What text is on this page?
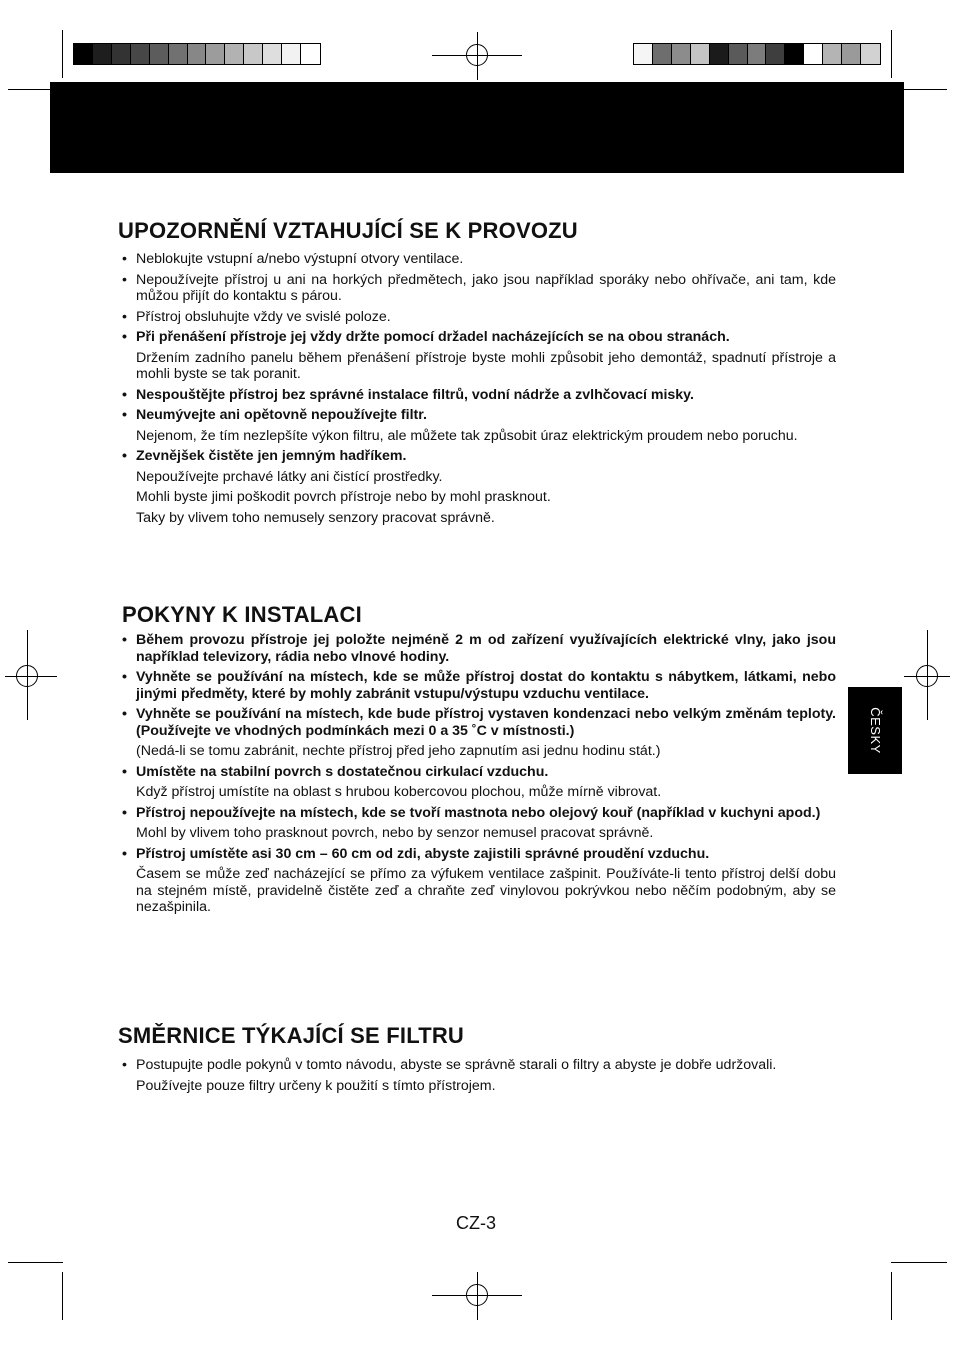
ČESKY
UPOZORNĚNÍ VZTAHUJÍCÍ SE K PROVOZU

• Neblokujte vstupní a/nebo výstupní otvory ventilace.

• Nepoužívejte přístroj u ani na horkých předmětech, jako jsou například sporáky nebo ohřívače, ani tam, kde můžou přijít do kontaktu s párou.

• Přístroj obsluhujte vždy ve svislé poloze.

• Při přenášení přístroje jej vždy držte pomocí držadel nacházejících se na obou stranách.

Držením zadního panelu během přenášení přístroje byste mohli způsobit jeho demontáž, spadnutí přístroje a mohli byste se tak poranit.

• Nespouštějte přístroj bez správné instalace filtrů, vodní nádrže a zvlhčovací misky.

• Neumývejte ani opětovně nepoužívejte filtr.

Nejenom, že tím nezlepšíte výkon filtru, ale můžete tak způsobit úraz elektrickým proudem nebo poruchu.

• Zevnějšek čistěte jen jemným hadříkem.

Nepoužívejte prchavé látky ani čistící prostředky.

Mohli byste jimi poškodit povrch přístroje nebo by mohl prasknout.

Taky by vlivem toho nemusely senzory pracovat správně.

POKYNY K INSTALACI

• Během provozu přístroje jej položte nejméně 2 m od zařízení využívajících elektrické vlny, jako jsou například televizory, rádia nebo vlnové hodiny.

• Vyhněte se používání na místech, kde se může přístroj dostat do kontaktu s nábytkem, látkami, nebo jinými předměty, které by mohly zabránit vstupu/výstupu vzduchu ventilace.

• Vyhněte se používání na místech, kde bude přístroj vystaven kondenzaci nebo velkým změnám teploty. (Používejte ve vhodných podmínkách mezi 0 a 35 ˚C v místnosti.)

(Nedá-li se tomu zabránit, nechte přístroj před jeho zapnutím asi jednu hodinu stát.)

• Umístěte na stabilní povrch s dostatečnou cirkulací vzduchu.

Když přístroj umístíte na oblast s hrubou kobercovou plochou, může mírně vibrovat.

• Přístroj nepoužívejte na místech, kde se tvoří mastnota nebo olejový kouř (například v kuchyni apod.)

Mohl by vlivem toho prasknout povrch, nebo by senzor nemusel pracovat správně.

• Přístroj umístěte asi 30 cm – 60 cm od zdi, abyste zajistili správné proudění vzduchu.

Časem se může zeď nacházející se přímo za výfukem ventilace zašpinit. Používáte-li tento přístroj delší dobu na stejném místě, pravidelně čistěte zeď a chraňte zeď vinylovou pokrývkou nebo něčím podobným, aby se nezašpinila.

SMĚRNICE TÝKAJÍCÍ SE FILTRU

• Postupujte podle pokynů v tomto návodu, abyste se správně starali o filtry a abyste je dobře udržovali.

Používejte pouze filtry určeny k použití s tímto přístrojem.

CZ-3
